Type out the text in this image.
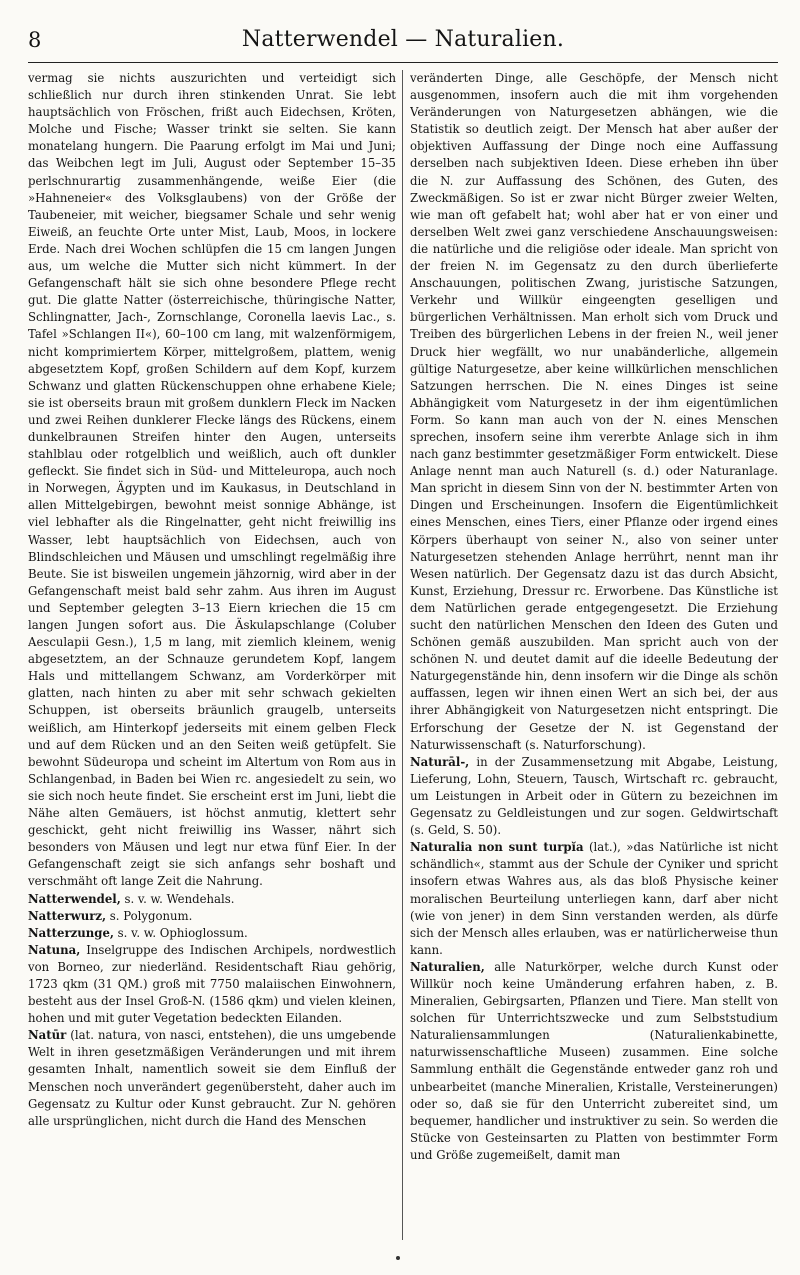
8	Natterwendel — Naturalien.

vermag sie nichts auszurichten und verteidigt sich schließlich nur durch ihren stinkenden Unrat. Sie lebt hauptsächlich von Fröschen, frißt auch Eidechsen, Kröten, Molche und Fische; Wasser trinkt sie selten. Sie kann monatelang hungern. Die Paarung erfolgt im Mai und Juni; das Weibchen legt im Juli, August oder September 15–35 perlschnurartig zusammenhängende, weiße Eier (die »Hahneneier« des Volksglaubens) von der Größe der Taubeneier, mit weicher, biegsamer Schale und sehr wenig Eiweiß, an feuchte Orte unter Mist, Laub, Moos, in lockere Erde. Nach drei Wochen schlüpfen die 15 cm langen Jungen aus, um welche die Mutter sich nicht kümmert. In der Gefangenschaft hält sie sich ohne besondere Pflege recht gut. Die glatte Natter (österreichische, thüringische Natter, Schlingnatter, Jach-, Zornschlange, Coronella laevis Lac., s. Tafel »Schlangen II«), 60–100 cm lang, mit walzenförmigem, nicht komprimiertem Körper, mittelgroßem, plattem, wenig abgesetztem Kopf, großen Schildern auf dem Kopf, kurzem Schwanz und glatten Rückenschuppen ohne erhabene Kiele; sie ist oberseits braun mit großem dunklern Fleck im Nacken und zwei Reihen dunklerer Flecke längs des Rückens, einem dunkelbraunen Streifen hinter den Augen, unterseits stahlblau oder rotgelblich und weißlich, auch oft dunkler gefleckt. Sie findet sich in Süd- und Mitteleuropa, auch noch in Norwegen, Ägypten und im Kaukasus, in Deutschland in allen Mittelgebirgen, bewohnt meist sonnige Abhänge, ist viel lebhafter als die Ringelnatter, geht nicht freiwillig ins Wasser, lebt hauptsächlich von Eidechsen, auch von Blindschleichen und Mäusen und umschlingt regelmäßig ihre Beute. Sie ist bisweilen ungemein jähzornig, wird aber in der Gefangenschaft meist bald sehr zahm. Aus ihren im August und September gelegten 3–13 Eiern kriechen die 15 cm langen Jungen sofort aus. Die Äskulapschlange (Coluber Aesculapii Gesn.), 1,5 m lang, mit ziemlich kleinem, wenig abgesetztem, an der Schnauze gerundetem Kopf, langem Hals und mittellangem Schwanz, am Vorderkörper mit glatten, nach hinten zu aber mit sehr schwach gekielten Schuppen, ist oberseits bräunlich graugelb, unterseits weißlich, am Hinterkopf jederseits mit einem gelben Fleck und auf dem Rücken und an den Seiten weiß getüpfelt. Sie bewohnt Südeuropa und scheint im Altertum von Rom aus in Schlangenbad, in Baden bei Wien rc. angesiedelt zu sein, wo sie sich noch heute findet. Sie erscheint erst im Juni, liebt die Nähe alten Gemäuers, ist höchst anmutig, klettert sehr geschickt, geht nicht freiwillig ins Wasser, nährt sich besonders von Mäusen und legt nur etwa fünf Eier. In der Gefangenschaft zeigt sie sich anfangs sehr boshaft und verschmäht oft lange Zeit die Nahrung.

Natterwendel, s. v. w. Wendehals.

Natterwurz, s. Polygonum.

Natterzunge, s. v. w. Ophioglossum.

Natuna, Inselgruppe des Indischen Archipels, nordwestlich von Borneo, zur niederländ. Residentschaft Riau gehörig, 1723 qkm (31 QM.) groß mit 7750 malaiischen Einwohnern, besteht aus der Insel Groß-N. (1586 qkm) und vielen kleinen, hohen und mit guter Vegetation bedeckten Eilanden.

Natūr (lat. natura, von nasci, entstehen), die uns umgebende Welt in ihren gesetzmäßigen Veränderungen und mit ihrem gesamten Inhalt, namentlich soweit sie dem Einfluß der Menschen noch unverändert gegenübersteht, daher auch im Gegensatz zu Kultur oder Kunst gebraucht. Zur N. gehören alle ursprünglichen, nicht durch die Hand des Menschen

veränderten Dinge, alle Geschöpfe, der Mensch nicht ausgenommen, insofern auch die mit ihm vorgehenden Veränderungen von Naturgesetzen abhängen, wie die Statistik so deutlich zeigt. Der Mensch hat aber außer der objektiven Auffassung der Dinge noch eine Auffassung derselben nach subjektiven Ideen. Diese erheben ihn über die N. zur Auffassung des Schönen, des Guten, des Zweckmäßigen. So ist er zwar nicht Bürger zweier Welten, wie man oft gefabelt hat; wohl aber hat er von einer und derselben Welt zwei ganz verschiedene Anschauungsweisen: die natürliche und die religiöse oder ideale. Man spricht von der freien N. im Gegensatz zu den durch überlieferte Anschauungen, politischen Zwang, juristische Satzungen, Verkehr und Willkür eingeengten geselligen und bürgerlichen Verhältnissen. Man erholt sich vom Druck und Treiben des bürgerlichen Lebens in der freien N., weil jener Druck hier wegfällt, wo nur unabänderliche, allgemein gültige Naturgesetze, aber keine willkürlichen menschlichen Satzungen herrschen. Die N. eines Dinges ist seine Abhängigkeit vom Naturgesetz in der ihm eigentümlichen Form. So kann man auch von der N. eines Menschen sprechen, insofern seine ihm vererbte Anlage sich in ihm nach ganz bestimmter gesetzmäßiger Form entwickelt. Diese Anlage nennt man auch Naturell (s. d.) oder Naturanlage. Man spricht in diesem Sinn von der N. bestimmter Arten von Dingen und Erscheinungen. Insofern die Eigentümlichkeit eines Menschen, eines Tiers, einer Pflanze oder irgend eines Körpers überhaupt von seiner N., also von seiner unter Naturgesetzen stehenden Anlage herrührt, nennt man ihr Wesen natürlich. Der Gegensatz dazu ist das durch Absicht, Kunst, Erziehung, Dressur rc. Erworbene. Das Künstliche ist dem Natürlichen gerade entgegengesetzt. Die Erziehung sucht den natürlichen Menschen den Ideen des Guten und Schönen gemäß auszubilden. Man spricht auch von der schönen N. und deutet damit auf die ideelle Bedeutung der Naturgegenstände hin, denn insofern wir die Dinge als schön auffassen, legen wir ihnen einen Wert an sich bei, der aus ihrer Abhängigkeit von Naturgesetzen nicht entspringt. Die Erforschung der Gesetze der N. ist Gegenstand der Naturwissenschaft (s. Naturforschung).

Naturāl-, in der Zusammensetzung mit Abgabe, Leistung, Lieferung, Lohn, Steuern, Tausch, Wirtschaft rc. gebraucht, um Leistungen in Arbeit oder in Gütern zu bezeichnen im Gegensatz zu Geldleistungen und zur sogen. Geldwirtschaft (s. Geld, S. 50).

Naturalia non sunt turpĭa (lat.), »das Natürliche ist nicht schändlich«, stammt aus der Schule der Cyniker und spricht insofern etwas Wahres aus, als das bloß Physische keiner moralischen Beurteilung unterliegen kann, darf aber nicht (wie von jener) in dem Sinn verstanden werden, als dürfe sich der Mensch alles erlauben, was er natürlicherweise thun kann.

Naturalien, alle Naturkörper, welche durch Kunst oder Willkür noch keine Umänderung erfahren haben, z. B. Mineralien, Gebirgsarten, Pflanzen und Tiere. Man stellt von solchen für Unterrichtszwecke und zum Selbststudium Naturaliensammlungen (Naturalienkabinette, naturwissenschaftliche Museen) zusammen. Eine solche Sammlung enthält die Gegenstände entweder ganz roh und unbearbeitet (manche Mineralien, Kristalle, Versteinerungen) oder so, daß sie für den Unterricht zubereitet sind, um bequemer, handlicher und instruktiver zu sein. So werden die Stücke von Gesteinsarten zu Platten von bestimmter Form und Größe zugemeißelt, damit man
